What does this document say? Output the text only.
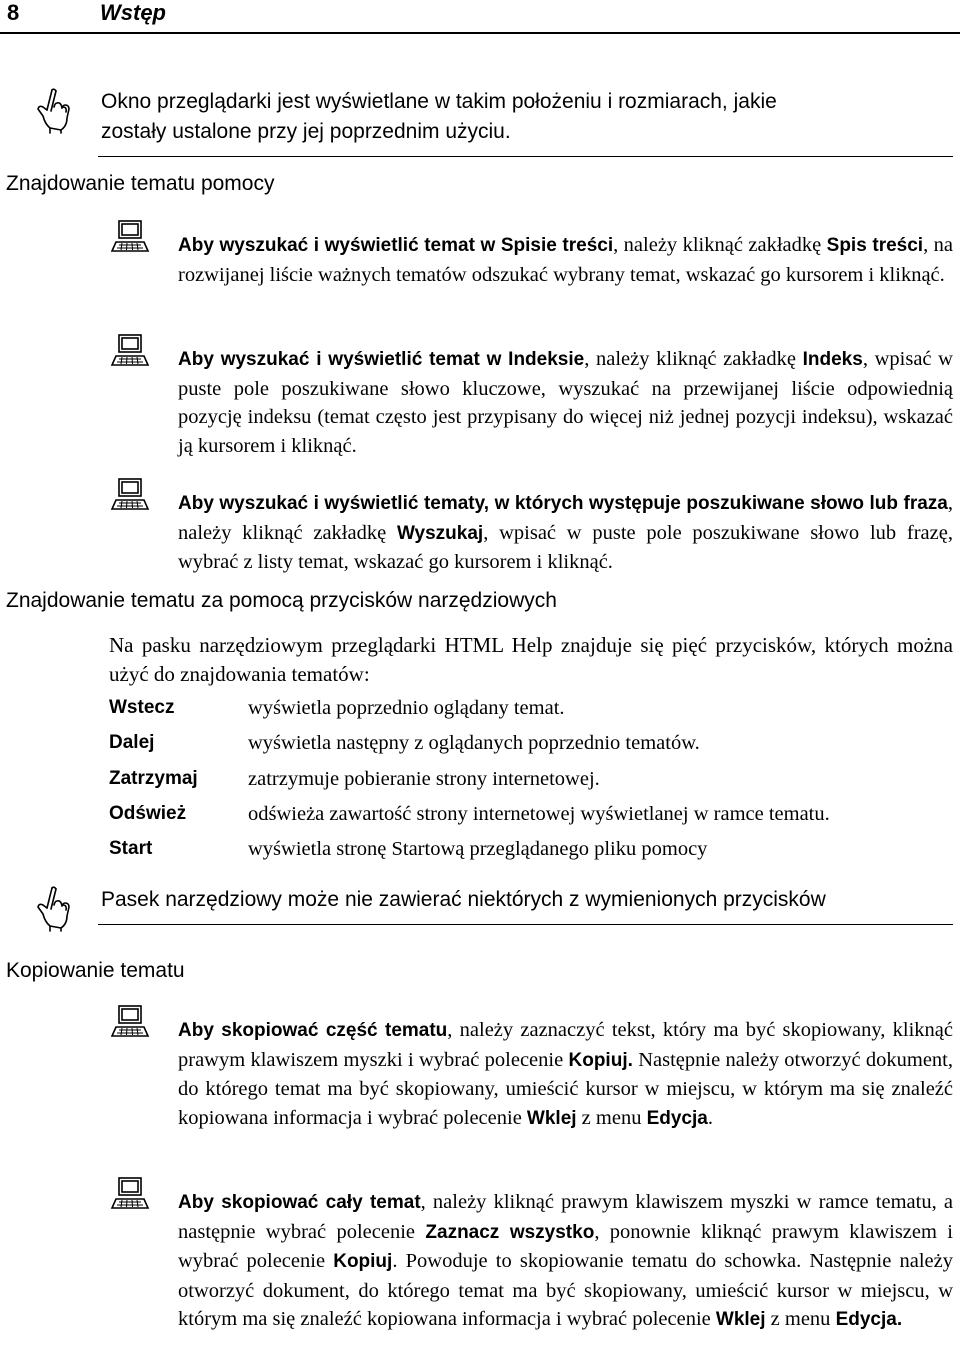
8	Wstęp
Okno przeglądarki jest wyświetlane w takim położeniu i rozmiarach, jakie
zostały ustalone przy jej poprzednim użyciu.
Znajdowanie tematu pomocy
Aby wyszukać i wyświetlić temat w Spisie treści, należy kliknąć zakładkę Spis treści, na rozwijanej liście ważnych tematów odszukać wybrany temat, wskazać go kursorem i kliknąć.
Aby wyszukać i wyświetlić temat w Indeksie, należy kliknąć zakładkę Indeks, wpisać w puste pole poszukiwane słowo kluczowe, wyszukać na przewijanej liście odpowiednią pozycję indeksu (temat często jest przypisany do więcej niż jednej pozycji indeksu), wskazać ją kursorem i kliknąć.
Aby wyszukać i wyświetlić tematy, w których występuje poszukiwane słowo lub fraza, należy kliknąć zakładkę Wyszukaj, wpisać w puste pole poszukiwane słowo lub frazę, wybrać z listy temat, wskazać go kursorem i kliknąć.
Znajdowanie tematu za pomocą przycisków narzędziowych
Na pasku narzędziowym przeglądarki HTML Help znajduje się pięć przycisków, których można użyć do znajdowania tematów:
Wstecz	wyświetla poprzednio oglądany temat.
Dalej	wyświetla następny z oglądanych poprzednio tematów.
Zatrzymaj zatrzymuje pobieranie strony internetowej.
Odśwież	odświeża zawartość strony internetowej wyświetlanej w ramce tematu.
Start	wyświetla stronę Startową przeglądanego pliku pomocy
Pasek narzędziowy może nie zawierać niektórych z wymienionych przycisków
Kopiowanie tematu
Aby skopiować część tematu, należy zaznaczyć tekst, który ma być skopiowany, kliknąć prawym klawiszem myszki i wybrać polecenie Kopiuj. Następnie należy otworzyć dokument, do którego temat ma być skopiowany, umieścić kursor w miejscu, w którym ma się znaleźć kopiowana informacja i wybrać polecenie Wklej z menu Edycja.
Aby skopiować cały temat, należy kliknąć prawym klawiszem myszki w ramce tematu, a następnie wybrać polecenie Zaznacz wszystko, ponownie kliknąć prawym klawiszem i wybrać polecenie Kopiuj. Powoduje to skopiowanie tematu do schowka. Następnie należy otworzyć dokument, do którego temat ma być skopiowany, umieścić kursor w miejscu, w którym ma się znaleźć kopiowana informacja i wybrać polecenie Wklej z menu Edycja.
